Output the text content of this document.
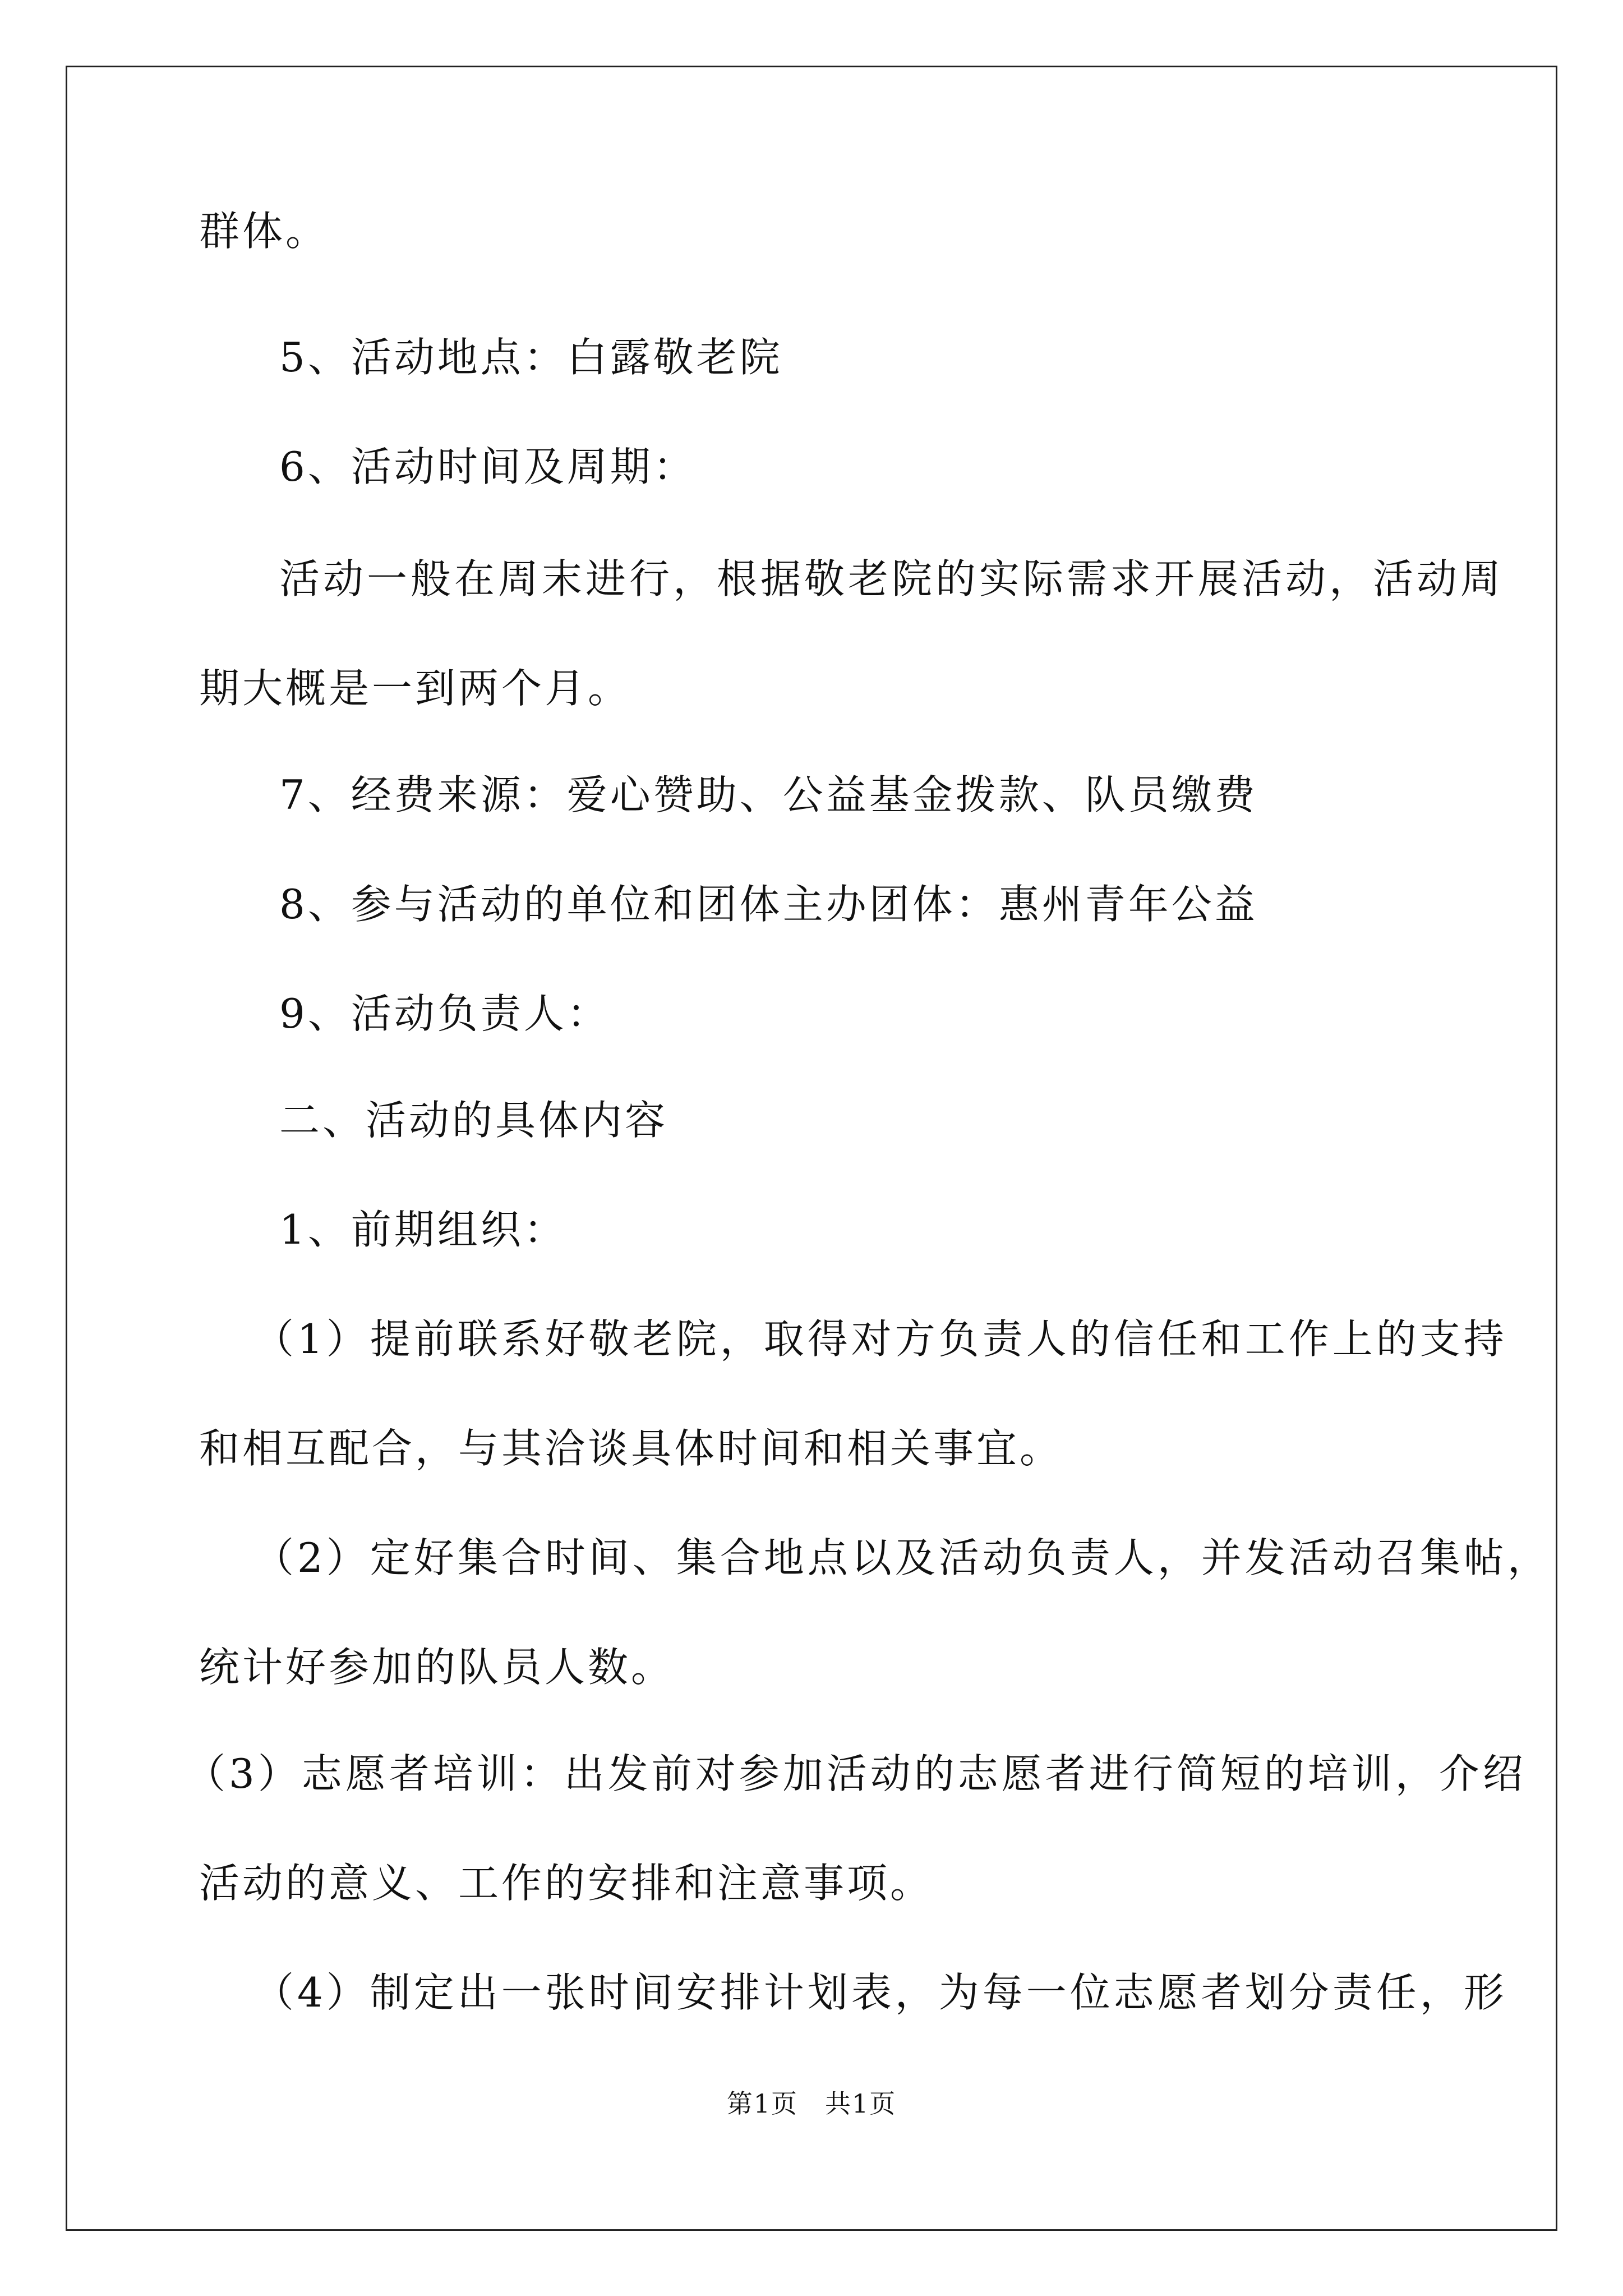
群体。
5、活动地点：白露敬老院
6、活动时间及周期：
活动一般在周末进行，根据敬老院的实际需求开展活动，活动周
期大概是一到两个月。
7、经费来源：爱心赞助、公益基金拨款、队员缴费
8、参与活动的单位和团体主办团体：惠州青年公益
9、活动负责人：
二、活动的具体内容
1、前期组织：
（1）提前联系好敬老院，取得对方负责人的信任和工作上的支持
和相互配合，与其洽谈具体时间和相关事宜。
（2）定好集合时间、集合地点以及活动负责人，并发活动召集帖，
统计好参加的队员人数。
（3）志愿者培训：出发前对参加活动的志愿者进行简短的培训，介绍
活动的意义、工作的安排和注意事项。
（4）制定出一张时间安排计划表，为每一位志愿者划分责任，形
第1页　共1页
